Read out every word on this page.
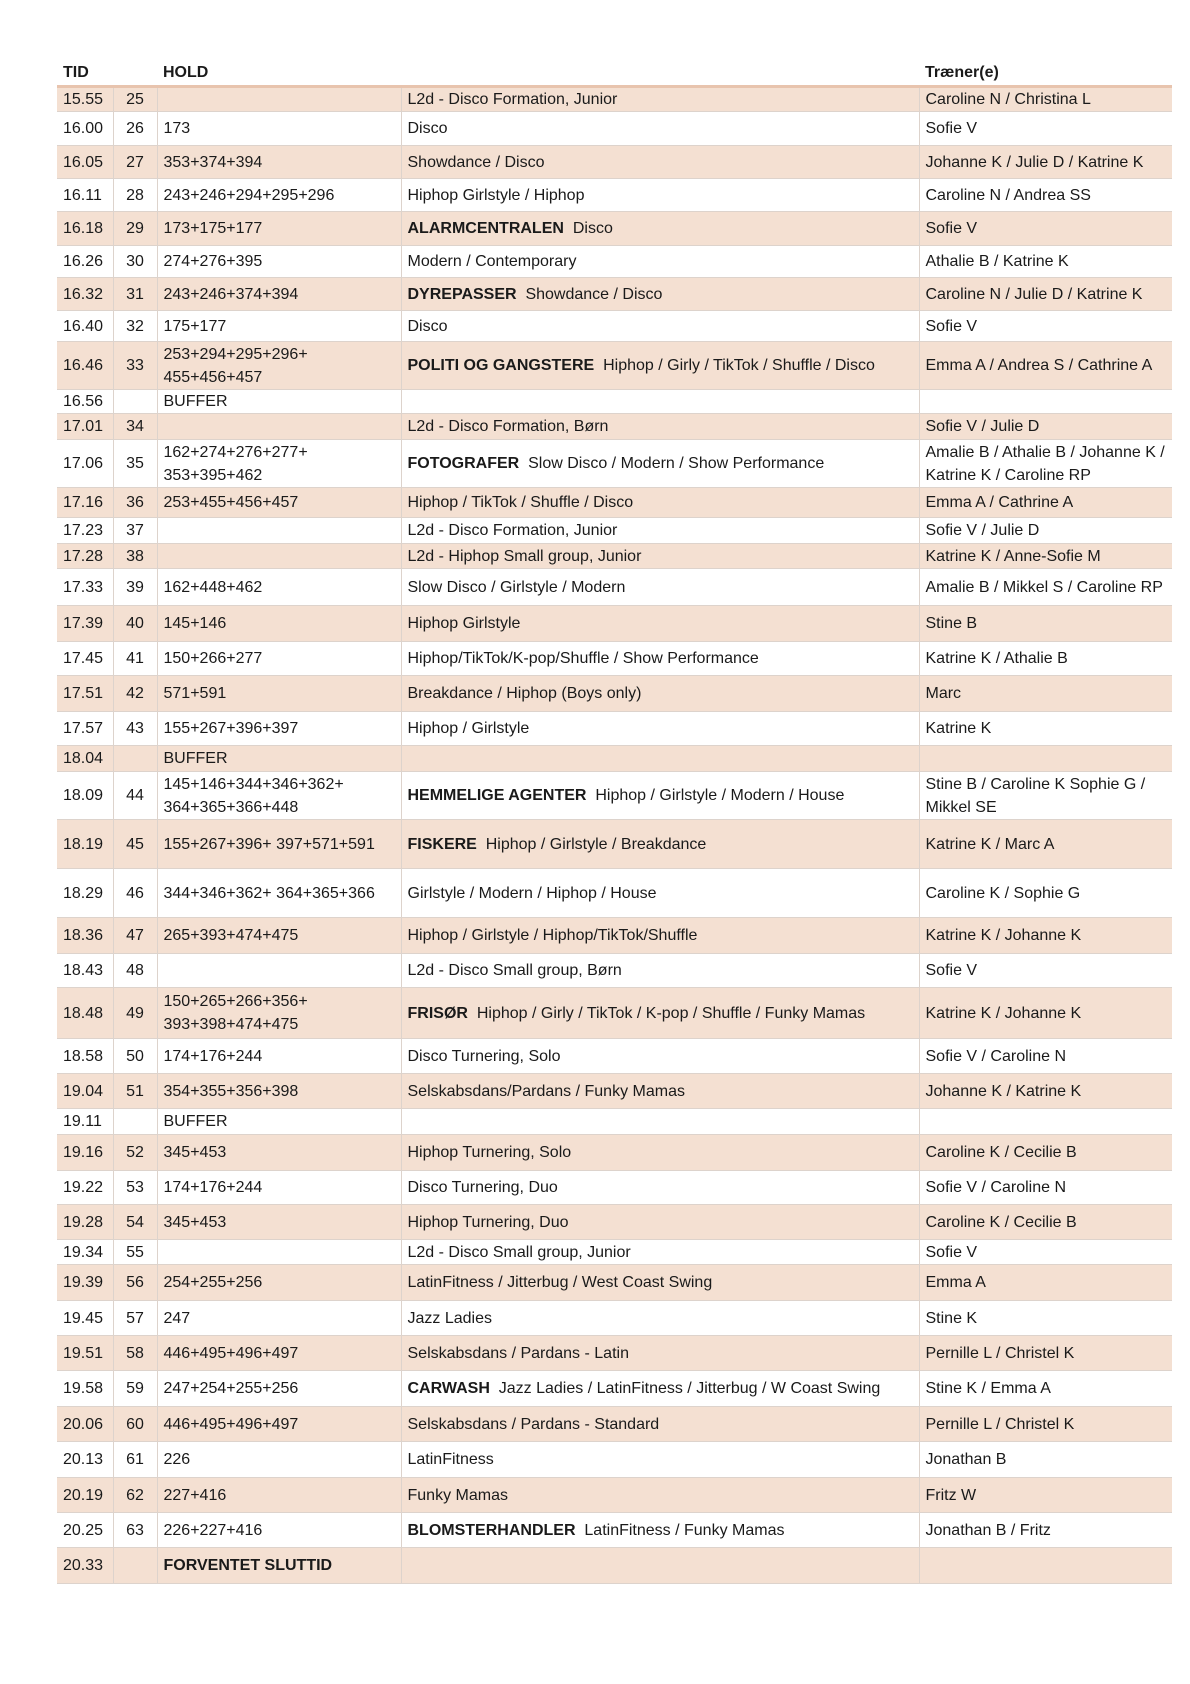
TID		HOLD		Træner(e)
15.55	25		L2d - Disco Formation, Junior	Caroline N / Christina L
16.00	26	173	Disco	Sofie V
16.05	27	353+374+394	Showdance / Disco	Johanne K / Julie D / Katrine K
16.11	28	243+246+294+295+296	Hiphop Girlstyle / Hiphop	Caroline N / Andrea SS
16.18	29	173+175+177	ALARMCENTRALEN Disco	Sofie V
16.26	30	274+276+395	Modern / Contemporary	Athalie B / Katrine K
16.32	31	243+246+374+394	DYREPASSER Showdance / Disco	Caroline N / Julie D / Katrine K
16.40	32	175+177	Disco	Sofie V
16.46	33	253+294+295+296+ 455+456+457	POLITI OG GANGSTERE Hiphop / Girly / TikTok / Shuffle / Disco	Emma A / Andrea S / Cathrine A
16.56		BUFFER		
17.01	34		L2d - Disco Formation, Børn	Sofie V / Julie D
17.06	35	162+274+276+277+ 353+395+462	FOTOGRAFER Slow Disco / Modern / Show Performance	Amalie B / Athalie B / Johanne K / Katrine K / Caroline RP
17.16	36	253+455+456+457	Hiphop / TikTok / Shuffle / Disco	Emma A / Cathrine A
17.23	37		L2d - Disco Formation, Junior	Sofie V / Julie D
17.28	38		L2d - Hiphop Small group, Junior	Katrine K / Anne-Sofie M
17.33	39	162+448+462	Slow Disco / Girlstyle / Modern	Amalie B / Mikkel S / Caroline RP
17.39	40	145+146	Hiphop Girlstyle	Stine B
17.45	41	150+266+277	Hiphop/TikTok/K-pop/Shuffle / Show Performance	Katrine K / Athalie B
17.51	42	571+591	Breakdance / Hiphop (Boys only)	Marc
17.57	43	155+267+396+397	Hiphop / Girlstyle	Katrine K
18.04		BUFFER		
18.09	44	145+146+344+346+362+ 364+365+366+448	HEMMELIGE AGENTER Hiphop / Girlstyle / Modern / House	Stine B / Caroline K Sophie G / Mikkel SE
18.19	45	155+267+396+ 397+571+591	FISKERE Hiphop / Girlstyle / Breakdance	Katrine K / Marc A
18.29	46	344+346+362+ 364+365+366	Girlstyle / Modern / Hiphop / House	Caroline K / Sophie G
18.36	47	265+393+474+475	Hiphop / Girlstyle / Hiphop/TikTok/Shuffle	Katrine K / Johanne K
18.43	48		L2d - Disco Small group, Børn	Sofie V
18.48	49	150+265+266+356+ 393+398+474+475	FRISØR Hiphop / Girly / TikTok / K-pop / Shuffle / Funky Mamas	Katrine K / Johanne K
18.58	50	174+176+244	Disco Turnering, Solo	Sofie V / Caroline N
19.04	51	354+355+356+398	Selskabsdans/Pardans / Funky Mamas	Johanne K / Katrine K
19.11		BUFFER		
19.16	52	345+453	Hiphop Turnering, Solo	Caroline K / Cecilie B
19.22	53	174+176+244	Disco Turnering, Duo	Sofie V / Caroline N
19.28	54	345+453	Hiphop Turnering, Duo	Caroline K / Cecilie B
19.34	55		L2d - Disco Small group, Junior	Sofie V
19.39	56	254+255+256	LatinFitness / Jitterbug / West Coast Swing	Emma A
19.45	57	247	Jazz Ladies	Stine K
19.51	58	446+495+496+497	Selskabsdans / Pardans - Latin	Pernille L / Christel K
19.58	59	247+254+255+256	CARWASH Jazz Ladies / LatinFitness / Jitterbug / W Coast Swing	Stine K / Emma A
20.06	60	446+495+496+497	Selskabsdans / Pardans - Standard	Pernille L / Christel K
20.13	61	226	LatinFitness	Jonathan B
20.19	62	227+416	Funky Mamas	Fritz W
20.25	63	226+227+416	BLOMSTERHANDLER LatinFitness / Funky Mamas	Jonathan B / Fritz
20.33		FORVENTET SLUTTID		
